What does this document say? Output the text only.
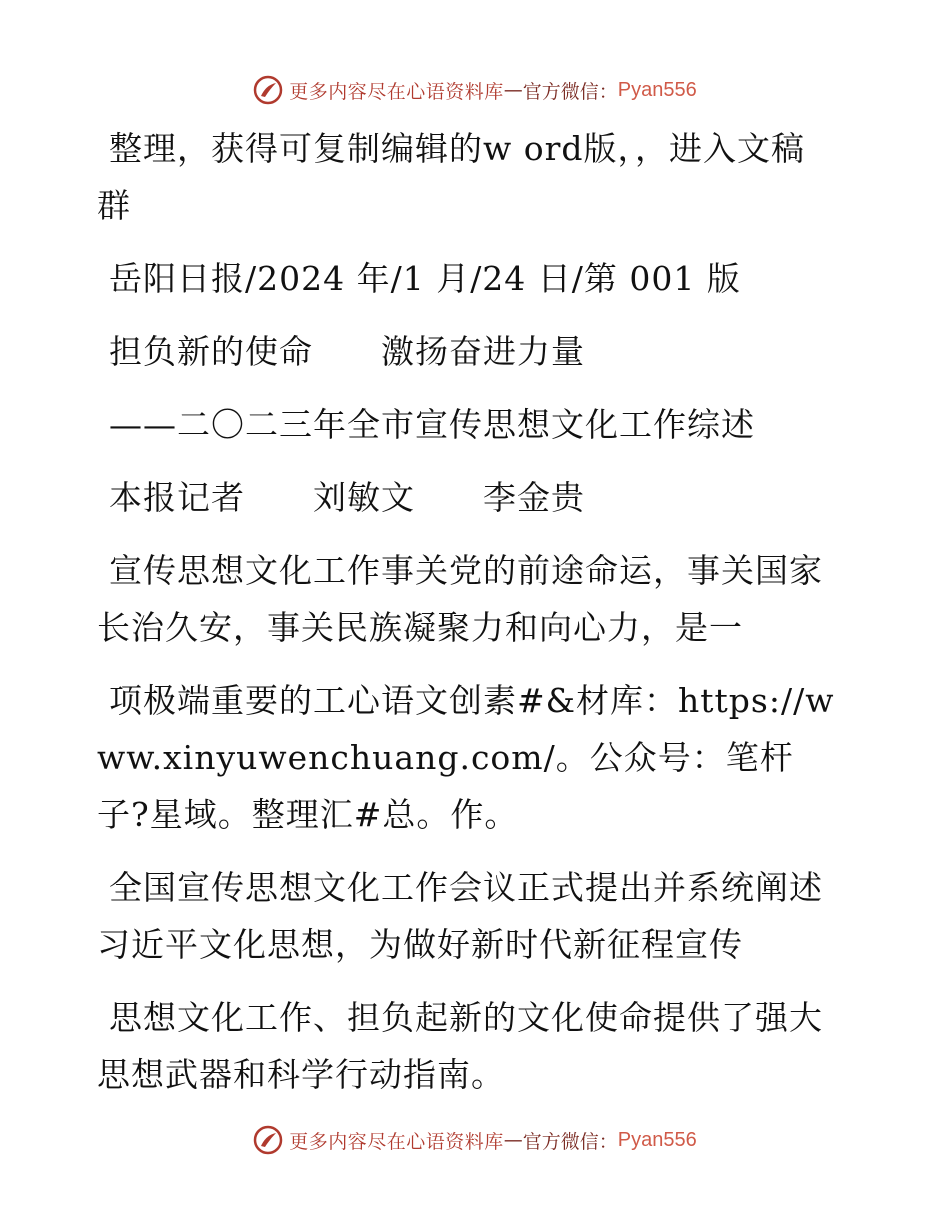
更多内容尽在心语资料库 — 官方微信： Pyan556

整理，获得可复制编辑的w ord版，，进入文稿群

岳阳日报/2024 年/1 月/24 日/第 001 版

担负新的使命　　激扬奋进力量

——二〇二三年全市宣传思想文化工作综述

本报记者　　刘敏文　　李金贵

宣传思想文化工作事关党的前途命运，事关国家长治久安，事关民族凝聚力和向心力，是一

项极端重要的工心语文创素#&材库：https://www.xinyuwenchuang.com/。公众号：笔杆子?星域。整理汇#总。作。

全国宣传思想文化工作会议正式提出并系统阐述习近平文化思想，为做好新时代新征程宣传

思想文化工作、担负起新的文化使命提供了强大思想武器和科学行动指南。

更多内容尽在心语资料库 — 官方微信： Pyan556
